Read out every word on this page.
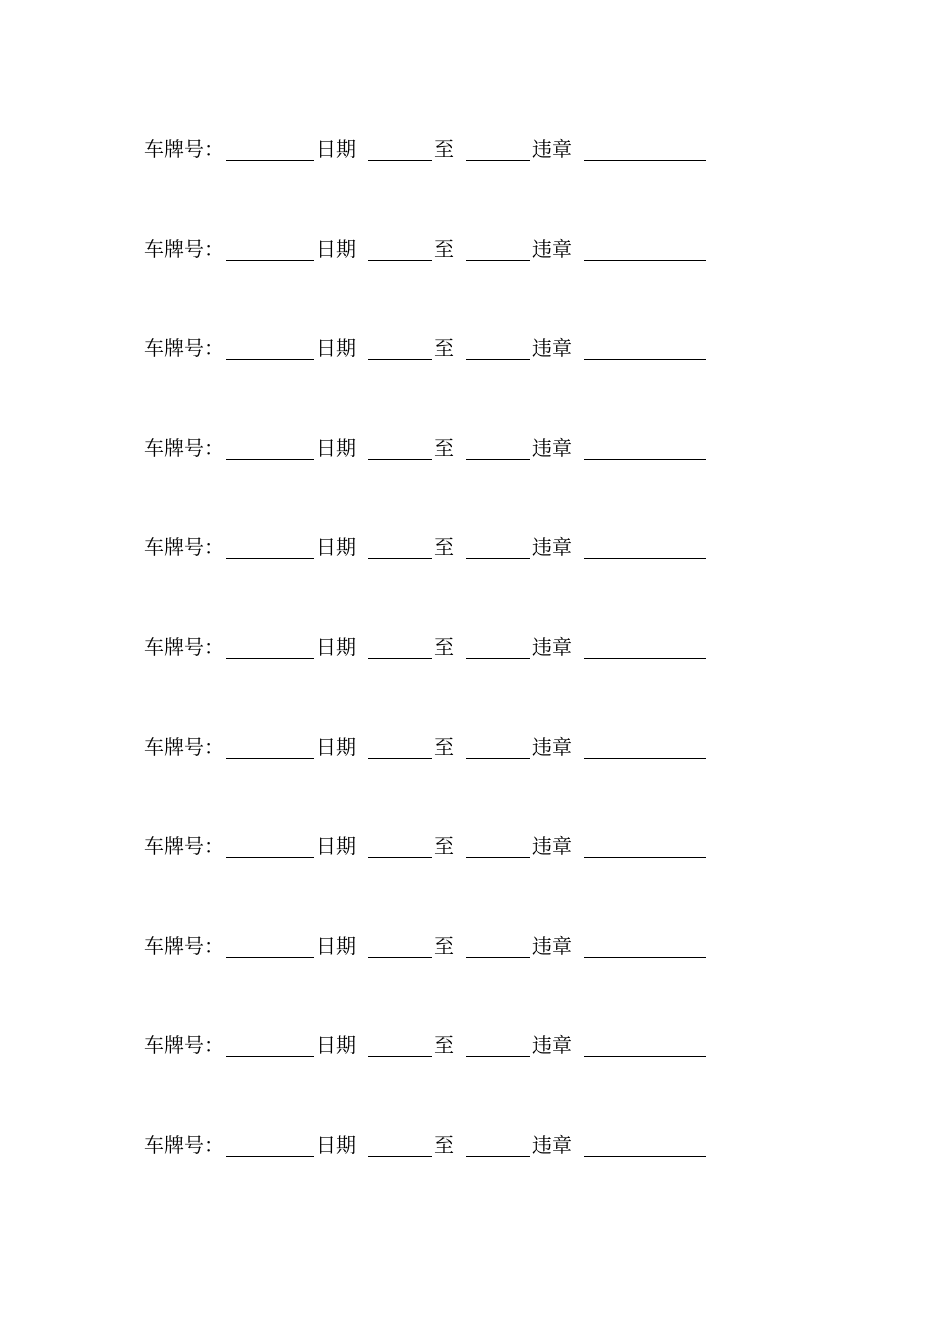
车牌号：	日期	至	违章
车牌号：	日期	至	违章
车牌号：	日期	至	违章
车牌号：	日期	至	违章
车牌号：	日期	至	违章
车牌号：	日期	至	违章
车牌号：	日期	至	违章
车牌号：	日期	至	违章
车牌号：	日期	至	违章
车牌号：	日期	至	违章
车牌号：	日期	至	违章
